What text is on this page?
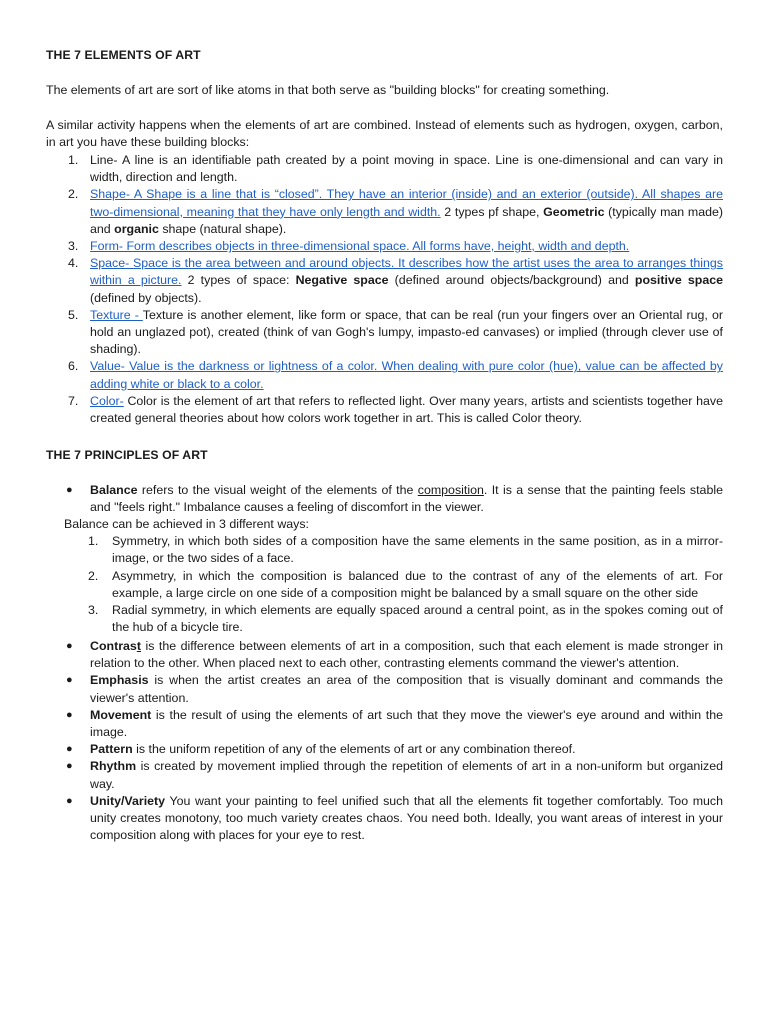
THE 7 ELEMENTS OF ART
The elements of art are sort of like atoms in that both serve as "building blocks" for creating something.
A similar activity happens when the elements of art are combined. Instead of elements such as hydrogen, oxygen, carbon, in art you have these building blocks:
1. Line- A line is an identifiable path created by a point moving in space. Line is one-dimensional and can vary in width, direction and length.
2. Shape- A Shape is a line that is “closed”. They have an interior (inside) and an exterior (outside). All shapes are two-dimensional, meaning that they have only length and width. 2 types pf shape, Geometric (typically man made) and organic shape (natural shape).
3. Form- Form describes objects in three-dimensional space. All forms have, height, width and depth.
4. Space- Space is the area between and around objects. It describes how the artist uses the area to arranges things within a picture. 2 types of space: Negative space (defined around objects/background) and positive space (defined by objects).
5. Texture - Texture is another element, like form or space, that can be real (run your fingers over an Oriental rug, or hold an unglazed pot), created (think of van Gogh's lumpy, impasto-ed canvases) or implied (through clever use of shading).
6. Value- Value is the darkness or lightness of a color. When dealing with pure color (hue), value can be affected by adding white or black to a color.
7. Color- Color is the element of art that refers to reflected light. Over many years, artists and scientists together have created general theories about how colors work together in art. This is called Color theory.
THE 7 PRINCIPLES OF ART
● Balance refers to the visual weight of the elements of the composition. It is a sense that the painting feels stable and "feels right." Imbalance causes a feeling of discomfort in the viewer.
Balance can be achieved in 3 different ways:
1. Symmetry, in which both sides of a composition have the same elements in the same position, as in a mirror-image, or the two sides of a face.
2. Asymmetry, in which the composition is balanced due to the contrast of any of the elements of art. For example, a large circle on one side of a composition might be balanced by a small square on the other side
3. Radial symmetry, in which elements are equally spaced around a central point, as in the spokes coming out of the hub of a bicycle tire.
● Contrast is the difference between elements of art in a composition, such that each element is made stronger in relation to the other. When placed next to each other, contrasting elements command the viewer's attention.
● Emphasis is when the artist creates an area of the composition that is visually dominant and commands the viewer's attention.
● Movement is the result of using the elements of art such that they move the viewer's eye around and within the image.
● Pattern is the uniform repetition of any of the elements of art or any combination thereof.
● Rhythm is created by movement implied through the repetition of elements of art in a non-uniform but organized way.
● Unity/Variety You want your painting to feel unified such that all the elements fit together comfortably. Too much unity creates monotony, too much variety creates chaos. You need both. Ideally, you want areas of interest in your composition along with places for your eye to rest.
